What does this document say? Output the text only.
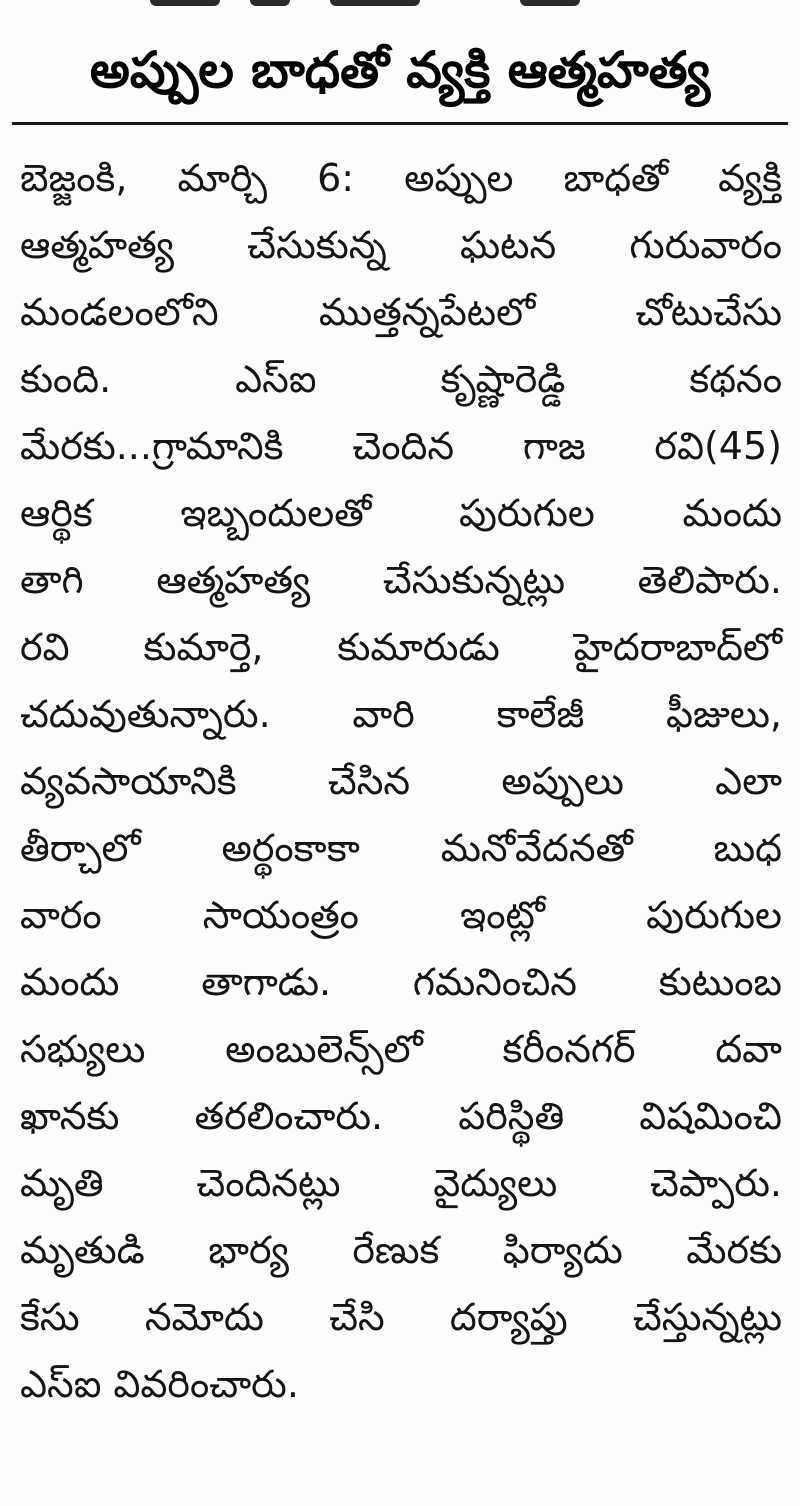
అప్పుల బాధతో వ్యక్తి ఆత్మహత్య
బెజ్జంకి, మార్చి 6: అప్పుల బాధతో వ్యక్తి
ఆత్మహత్య చేసుకున్న ఘటన గురువారం
మండలంలోని ముత్తన్నపేటలో చోటుచేసు
కుంది. ఎస్ఐ కృష్ణారెడ్డి కథనం
మేరకు...గ్రామానికి చెందిన గాజ రవి(45)
ఆర్థిక ఇబ్బందులతో పురుగుల మందు
తాగి ఆత్మహత్య చేసుకున్నట్లు తెలిపారు.
రవి కుమార్తె, కుమారుడు హైదరాబాద్‌లో
చదువుతున్నారు. వారి కాలేజీ ఫీజులు,
వ్యవసాయానికి చేసిన అప్పులు ఎలా
తీర్చాలో అర్థంకాకా మనోవేదనతో బుధ
వారం సాయంత్రం ఇంట్లో పురుగుల
మందు తాగాడు. గమనించిన కుటుంబ
సభ్యులు అంబులెన్స్‌లో కరీంనగర్ దవా
ఖానకు తరలించారు. పరిస్థితి విషమించి
మృతి చెందినట్లు వైద్యులు చెప్పారు.
మృతుడి భార్య రేణుక ఫిర్యాదు మేరకు
కేసు నమోదు చేసి దర్యాప్తు చేస్తున్నట్లు
ఎస్ఐ వివరించారు.
